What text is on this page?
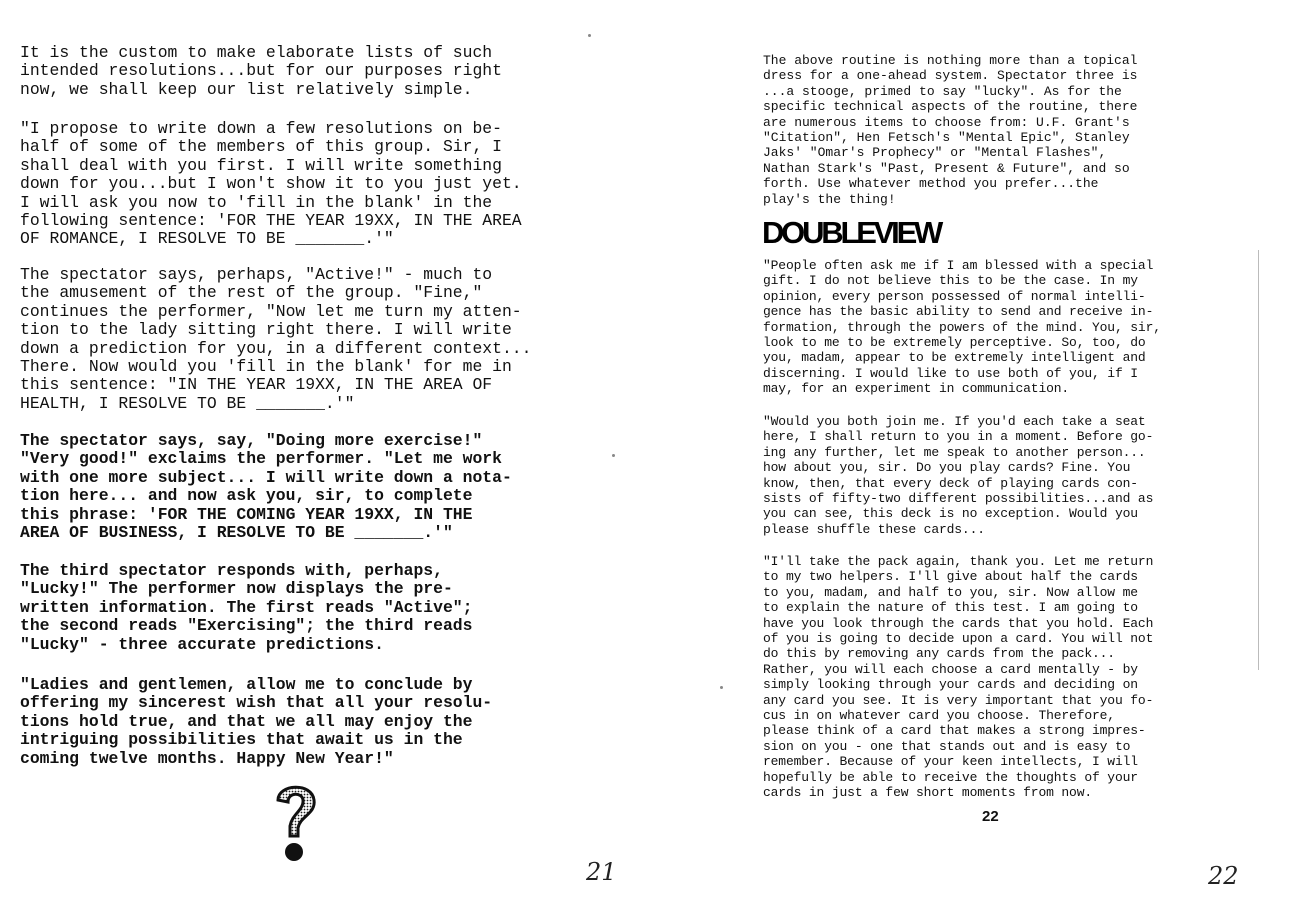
It is the custom to make elaborate lists of such
intended resolutions...but for our purposes right
now, we shall keep our list relatively simple.

"I propose to write down a few resolutions on be-
half of some of the members of this group. Sir, I
shall deal with you first. I will write something
down for you...but I won't show it to you just yet.
I will ask you now to 'fill in the blank' in the
following sentence: 'FOR THE YEAR 19XX, IN THE AREA
OF ROMANCE, I RESOLVE TO BE _______.'"

The spectator says, perhaps, "Active!" - much to
the amusement of the rest of the group. "Fine,"
continues the performer, "Now let me turn my atten-
tion to the lady sitting right there. I will write
down a prediction for you, in a different context...
There. Now would you 'fill in the blank' for me in
this sentence: "IN THE YEAR 19XX, IN THE AREA OF
HEALTH, I RESOLVE TO BE _______.'"

The spectator says, say, "Doing more exercise!"
"Very good!" exclaims the performer. "Let me work
with one more subject... I will write down a nota-
tion here... and now ask you, sir, to complete
this phrase: 'FOR THE COMING YEAR 19XX, IN THE
AREA OF BUSINESS, I RESOLVE TO BE _______.'"

The third spectator responds with, perhaps,
"Lucky!" The performer now displays the pre-
written information. The first reads "Active";
the second reads "Exercising"; the third reads
"Lucky" - three accurate predictions.

"Ladies and gentlemen, allow me to conclude by
offering my sincerest wish that all your resolu-
tions hold true, and that we all may enjoy the
intriguing possibilities that await us in the
coming twelve months. Happy New Year!"

21

The above routine is nothing more than a topical
dress for a one-ahead system. Spectator three is
...a stooge, primed to say "lucky". As for the
specific technical aspects of the routine, there
are numerous items to choose from: U.F. Grant's
"Citation", Hen Fetsch's "Mental Epic", Stanley
Jaks' "Omar's Prophecy" or "Mental Flashes",
Nathan Stark's "Past, Present & Future", and so
forth. Use whatever method you prefer...the
play's the thing!

DOUBLEVIEW

"People often ask me if I am blessed with a special
gift. I do not believe this to be the case. In my
opinion, every person possessed of normal intelli-
gence has the basic ability to send and receive in-
formation, through the powers of the mind. You, sir,
look to me to be extremely perceptive. So, too, do
you, madam, appear to be extremely intelligent and
discerning. I would like to use both of you, if I
may, for an experiment in communication.

"Would you both join me. If you'd each take a seat
here, I shall return to you in a moment. Before go-
ing any further, let me speak to another person...
how about you, sir. Do you play cards? Fine. You
know, then, that every deck of playing cards con-
sists of fifty-two different possibilities...and as
you can see, this deck is no exception. Would you
please shuffle these cards...

"I'll take the pack again, thank you. Let me return
to my two helpers. I'll give about half the cards
to you, madam, and half to you, sir. Now allow me
to explain the nature of this test. I am going to
have you look through the cards that you hold. Each
of you is going to decide upon a card. You will not
do this by removing any cards from the pack...
Rather, you will each choose a card mentally - by
simply looking through your cards and deciding on
any card you see. It is very important that you fo-
cus in on whatever card you choose. Therefore,
please think of a card that makes a strong impres-
sion on you - one that stands out and is easy to
remember. Because of your keen intellects, I will
hopefully be able to receive the thoughts of your
cards in just a few short moments from now.

22
22
